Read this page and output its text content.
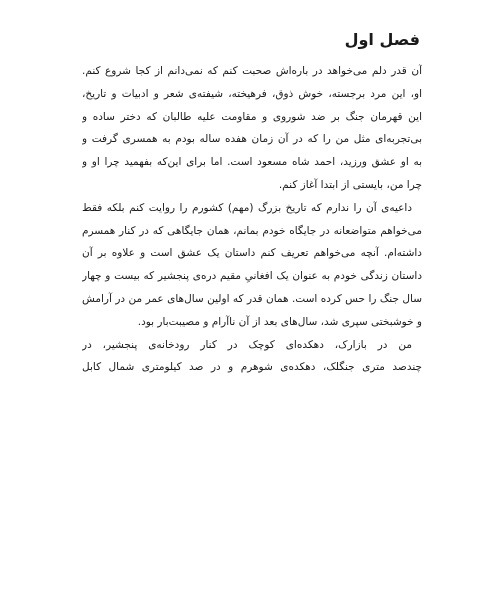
فصل اول
آن قدر دلم می‌خواهد در باره‌اش صحبت کنم که نمی‌دانم از کجا شروع کنم.
او، این مرد برجسته، خوش ذوق، فرهیخته، شیفته‌ی شعر و ادبیات و تاریخ،
این قهرمان جنگ بر ضد شوروی و مقاومت علیه طالبان که دختر ساده و
بی‌تجربه‌ای مثل من را که در آن زمان هفده ساله بودم به همسری گرفت و
به او عشق ورزید، احمد شاه مسعود است. اما برای این‌که بفهمید چرا او و
چرا من، بایستی از ابتدا آغاز کنم.
داعیه‌ی آن را ندارم که تاریخ بزرگ (مهم) کشورم را روایت کنم بلکه فقط
می‌خواهم متواضعانه در جایگاه خودم بمانم، همان جایگاهی که در کنار همسرم
داشته‌ام. آنچه می‌خواهم تعریف کنم داستان یک عشق است و علاوه بر آن
داستان زندگی خودم به عنوان یک افغانیِ مقیم دره‌ی پنجشیر که بیست و چهار
سال جنگ را حس کرده است. همان قدر که اولین سال‌های عمر من در آرامش
و خوشبختی سپری شد، سال‌های بعد از آن ناآرام و مصیبت‌بار بود.
من در بازارک، دهکده‌ای کوچک در کنار رودخانه‌ی پنجشیر، در
چندصد متری جنگلک، دهکده‌ی شوهرم و در صد کیلومتری شمال کابل
